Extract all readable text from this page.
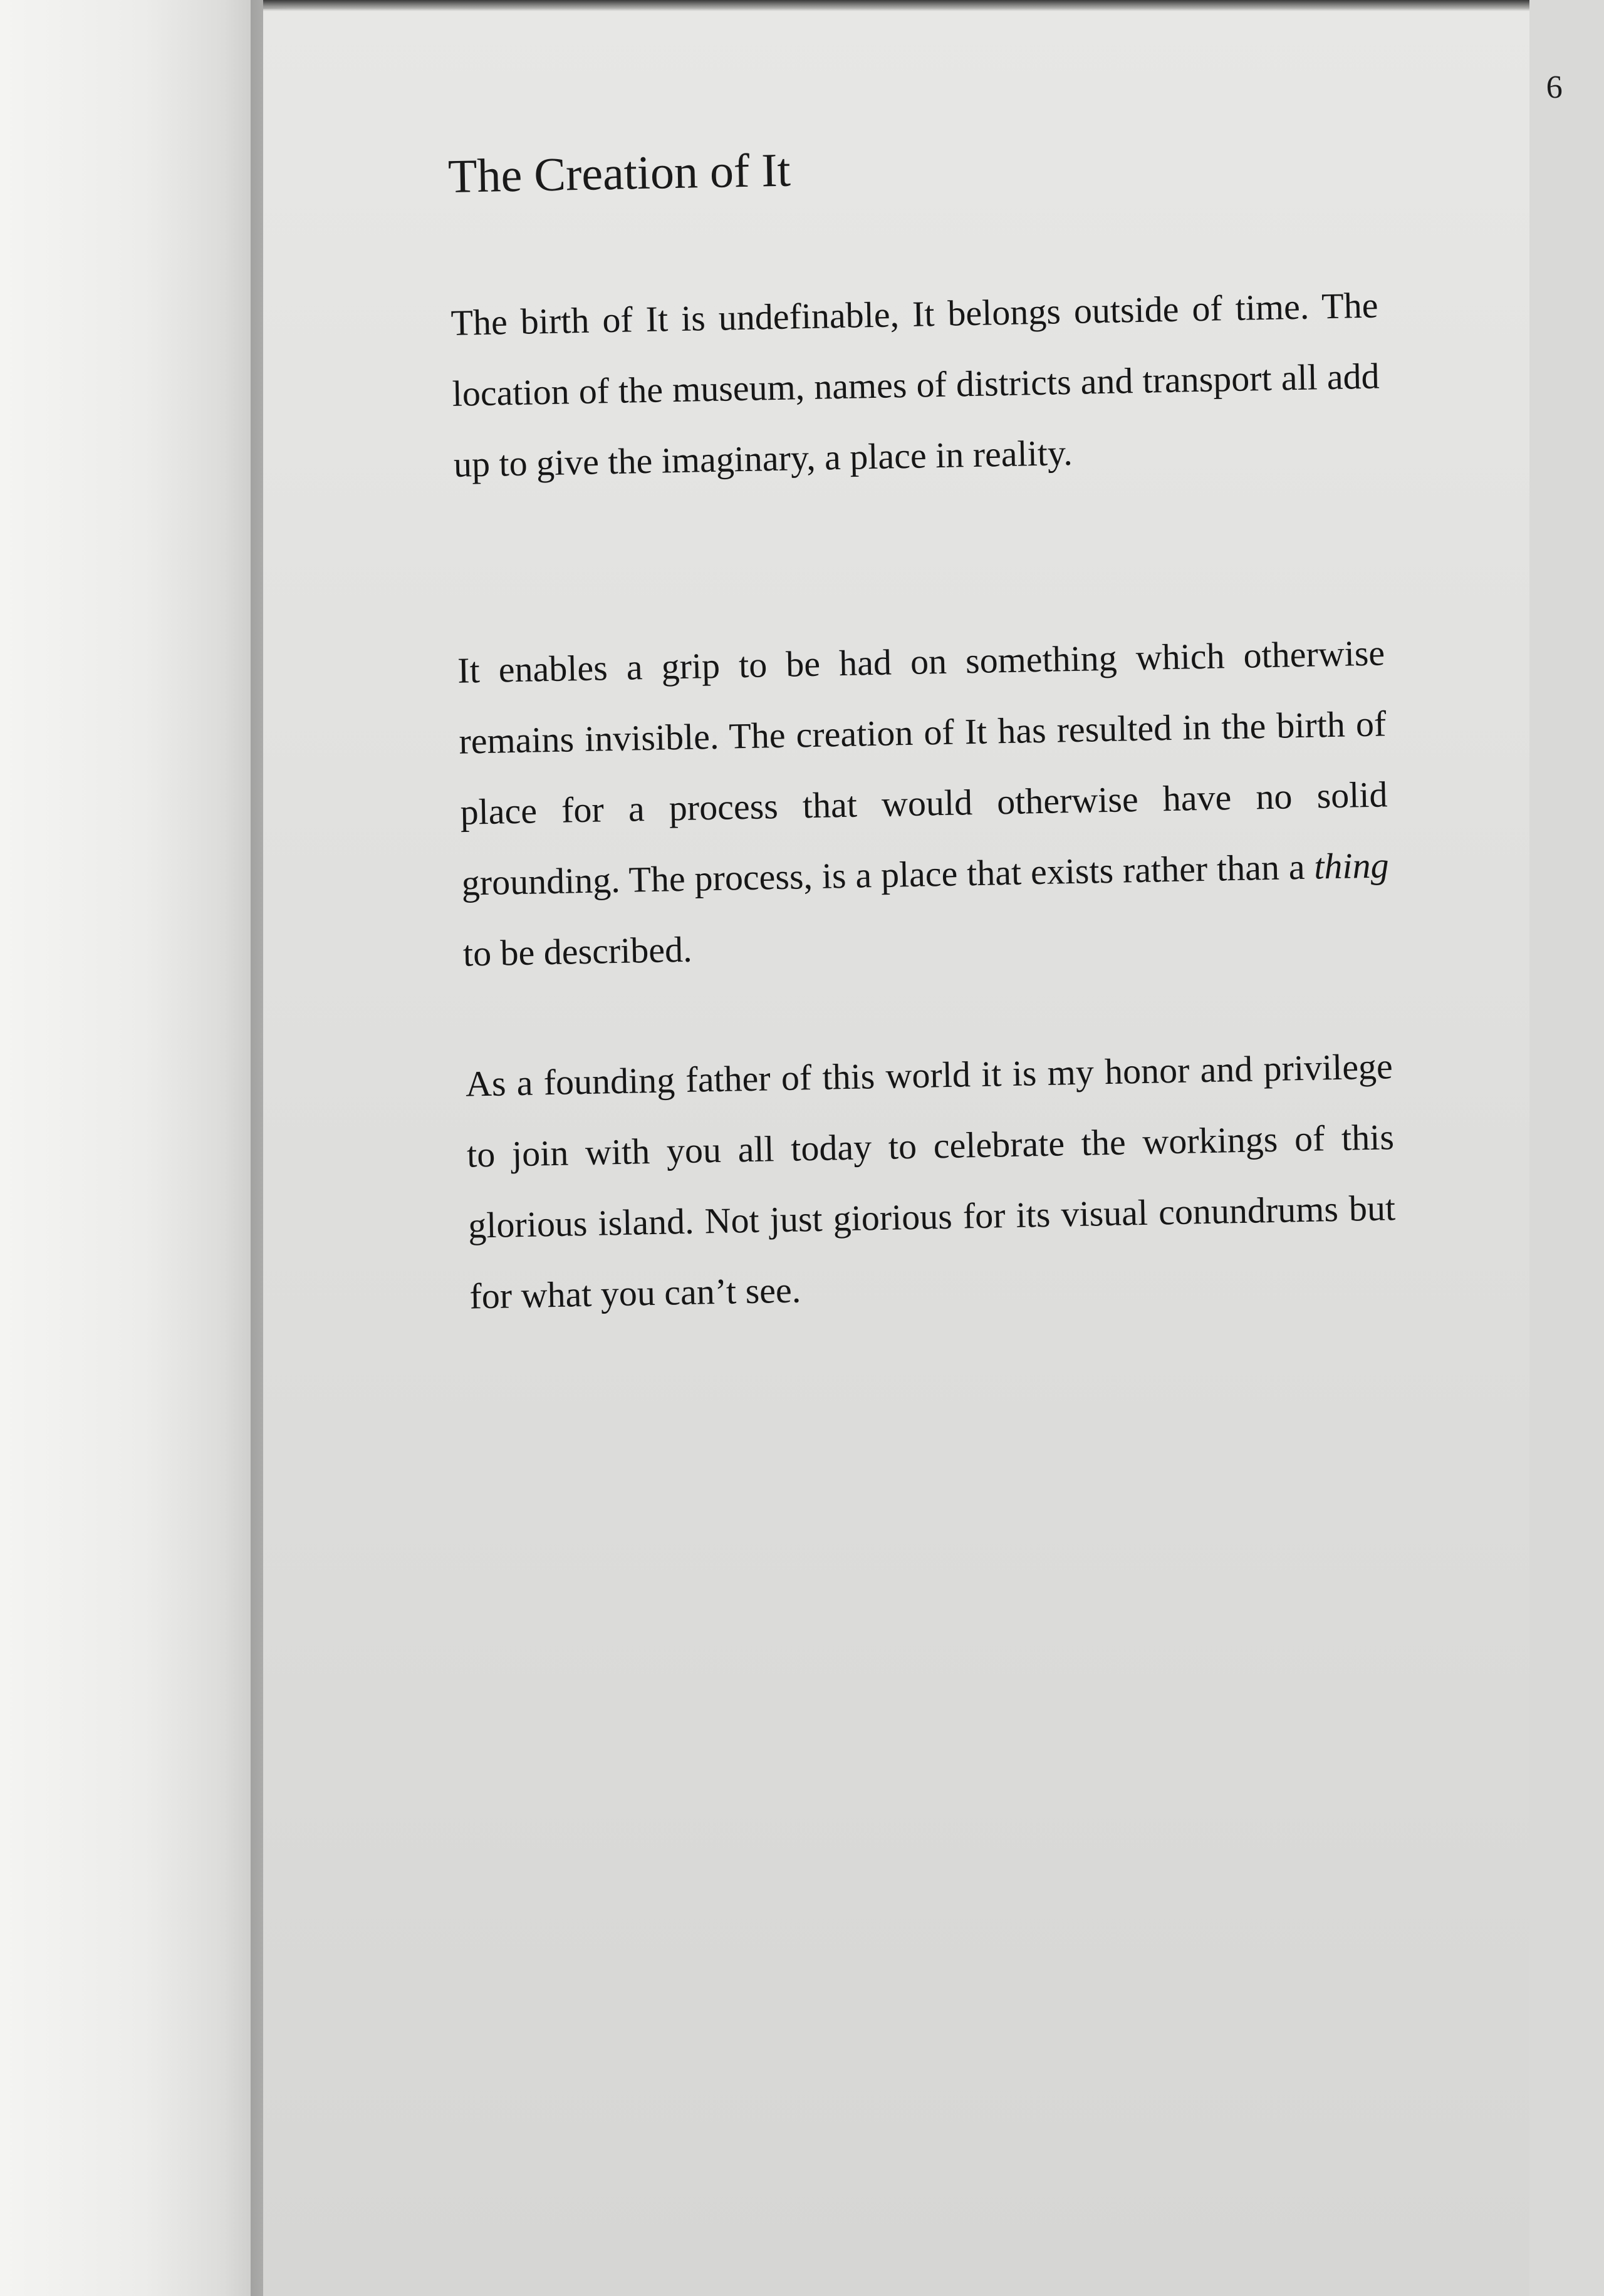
6
The Creation of It

The birth of It is undefinable, It belongs outside of time. The location of the museum, names of districts and transport all add up to give the imaginary, a place in reality.

It enables a grip to be had on something which otherwise remains invisible. The creation of It has resulted in the birth of place for a process that would otherwise have no solid grounding. The process, is a place that exists rather than a thing to be described.

As a founding father of this world it is my honor and privilege to join with you all today to celebrate the workings of this glorious island. Not just giorious for its visual conundrums but for what you can’t see.
